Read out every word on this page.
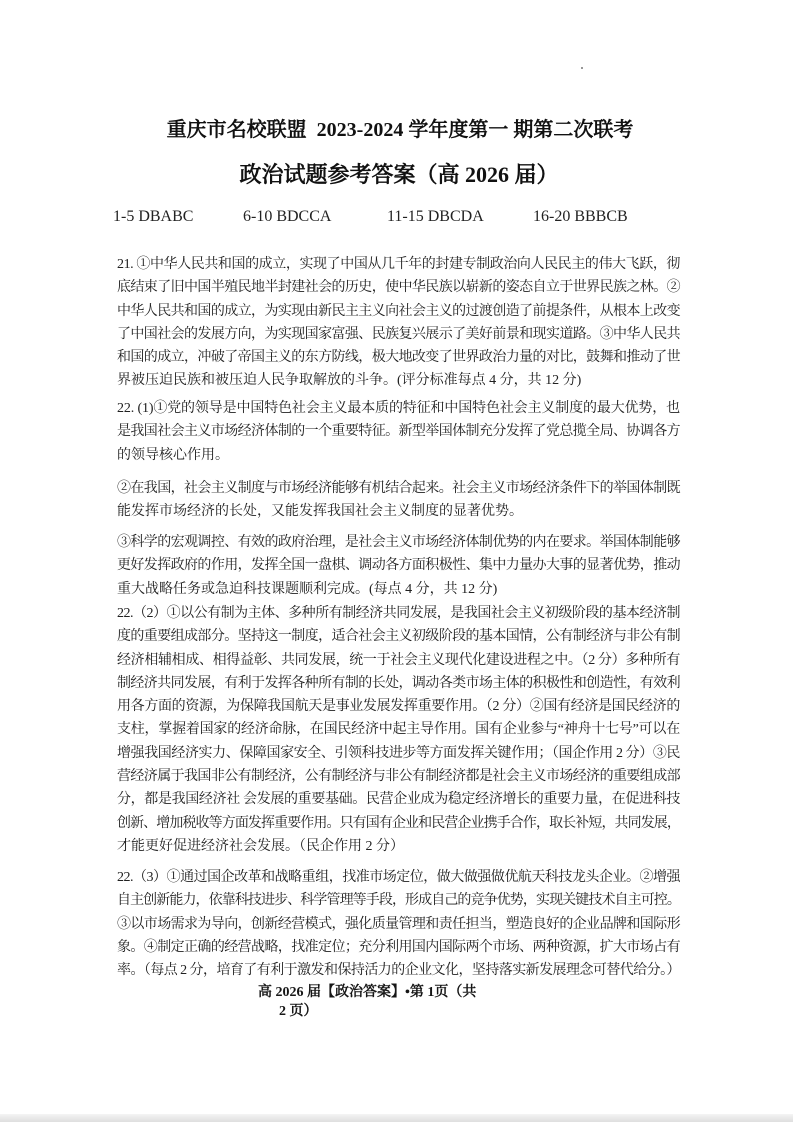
重庆市名校联盟  2023-2024 学年度第一 期第二次联考
政治试题参考答案（高 2026 届）
1-5 DBABC	6-10 BDCCA	11-15 DBCDA	16-20 BBBCB
21. ①中华人民共和国的成立，实现了中国从几千年的封建专制政治向人民民主的伟大飞跃，彻
底结束了旧中国半殖民地半封建社会的历史，使中华民族以崭新的姿态自立于世界民族之林。②
中华人民共和国的成立，为实现由新民主主义向社会主义的过渡创造了前提条件，从根本上改变
了中国社会的发展方向，为实现国家富强、民族复兴展示了美好前景和现实道路。③中华人民共
和国的成立，冲破了帝国主义的东方防线，极大地改变了世界政治力量的对比，鼓舞和推动了世
界被压迫民族和被压迫人民争取解放的斗争。(评分标准每点 4 分，共 12 分)
22. (1)①党的领导是中国特色社会主义最本质的特征和中国特色社会主义制度的最大优势，也
是我国社会主义市场经济体制的一个重要特征。新型举国体制充分发挥了党总揽全局、协调各方
的领导核心作用。
②在我国，社会主义制度与市场经济能够有机结合起来。社会主义市场经济条件下的举国体制既
能发挥市场经济的长处，又能发挥我国社会主义制度的显著优势。
③科学的宏观调控、有效的政府治理，是社会主义市场经济体制优势的内在要求。举国体制能够
更好发挥政府的作用，发挥全国一盘棋、调动各方面积极性、集中力量办大事的显著优势，推动
重大战略任务或急迫科技课题顺利完成。(每点 4 分，共 12 分)
22.（2）①以公有制为主体、多种所有制经济共同发展，是我国社会主义初级阶段的基本经济制
度的重要组成部分。坚持这一制度，适合社会主义初级阶段的基本国情，公有制经济与非公有制
经济相辅相成、相得益彰、共同发展，统一于社会主义现代化建设进程之中。（2 分）多种所有
制经济共同发展，有利于发挥各种所有制的长处，调动各类市场主体的积极性和创造性，有效利
用各方面的资源，为保障我国航天是事业发展发挥重要作用。（2 分）②国有经济是国民经济的
支柱，掌握着国家的经济命脉，在国民经济中起主导作用。国有企业参与“神舟十七号”可以在
增强我国经济实力、保障国家安全、引领科技进步等方面发挥关键作用；（国企作用 2 分）③民
营经济属于我国非公有制经济，公有制经济与非公有制经济都是社会主义市场经济的重要组成部
分，都是我国经济社 会发展的重要基础。民营企业成为稳定经济增长的重要力量，在促进科技
创新、增加税收等方面发挥重要作用。只有国有企业和民营企业携手合作，取长补短，共同发展，
才能更好促进经济社会发展。（民企作用 2 分）
22.（3）①通过国企改革和战略重组，找准市场定位，做大做强做优航天科技龙头企业。②增强
自主创新能力，依靠科技进步、科学管理等手段，形成自己的竞争优势，实现关键技术自主可控。
③以市场需求为导向，创新经营模式，强化质量管理和责任担当，塑造良好的企业品牌和国际形
象。④制定正确的经营战略，找准定位；充分利用国内国际两个市场、两种资源，扩大市场占有
率。（每点 2 分，培育了有利于激发和保持活力的企业文化，坚持落实新发展理念可替代给分。）
高 2026 届【政治答案】•第 1页（共
2 页）
